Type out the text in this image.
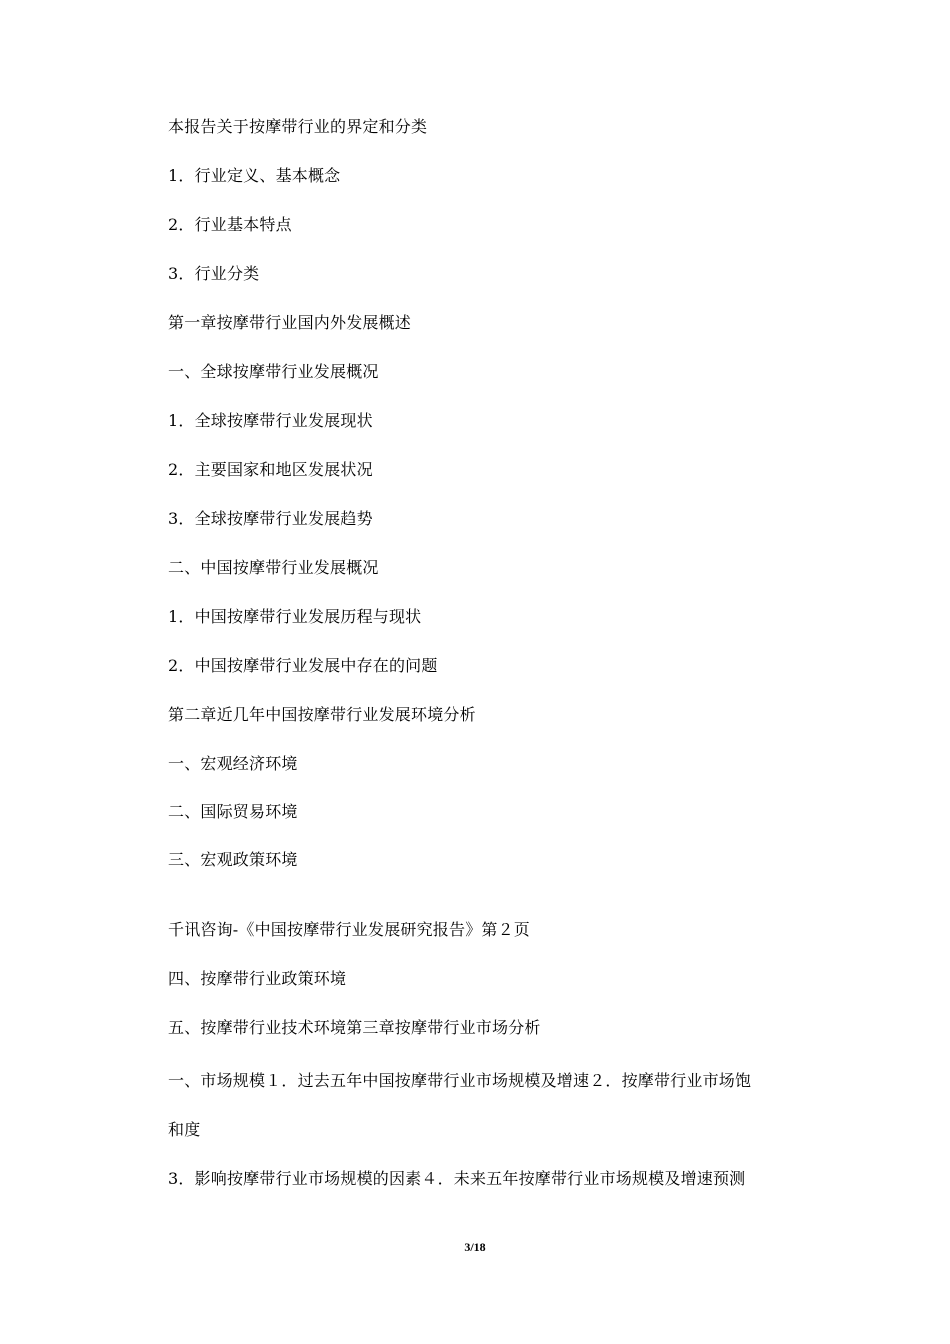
本报告关于按摩带行业的界定和分类
1．行业定义、基本概念
2．行业基本特点
3．行业分类
第一章按摩带行业国内外发展概述
一、全球按摩带行业发展概况
1．全球按摩带行业发展现状
2．主要国家和地区发展状况
3．全球按摩带行业发展趋势
二、中国按摩带行业发展概况
1．中国按摩带行业发展历程与现状
2．中国按摩带行业发展中存在的问题
第二章近几年中国按摩带行业发展环境分析
一、宏观经济环境
二、国际贸易环境
三、宏观政策环境
千讯咨询-《中国按摩带行业发展研究报告》第２页
四、按摩带行业政策环境
五、按摩带行业技术环境第三章按摩带行业市场分析
一、市场规模１．过去五年中国按摩带行业市场规模及增速２．按摩带行业市场饱
和度
3．影响按摩带行业市场规模的因素４．未来五年按摩带行业市场规模及增速预测
3/18
